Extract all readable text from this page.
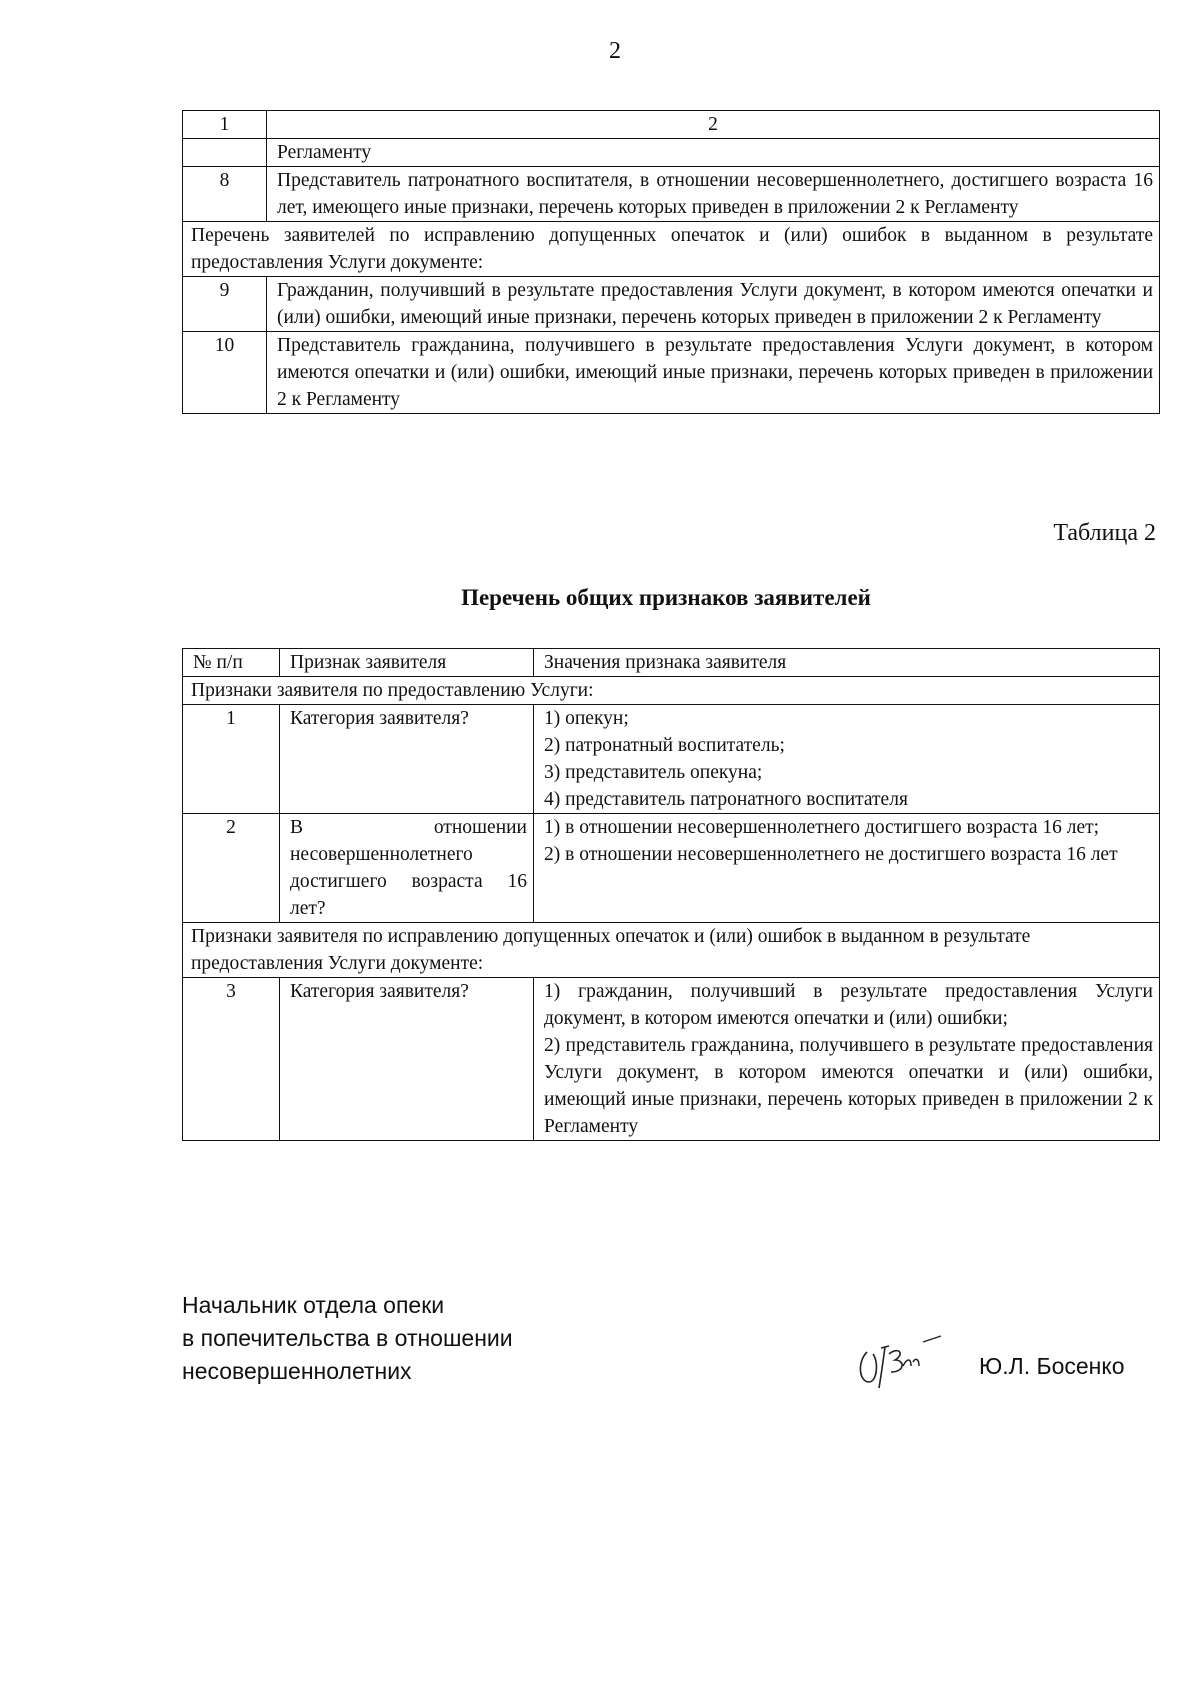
2
1	2
	Регламенту
8	Представитель патронатного воспитателя, в отношении несовершеннолетнего, достигшего возраста 16 лет, имеющего иные признаки, перечень которых приведен в приложении 2 к Регламенту
Перечень заявителей по исправлению допущенных опечаток и (или) ошибок в выданном в результате предоставления Услуги документе:	
9	Гражданин, получивший в результате предоставления Услуги документ, в котором имеются опечатки и (или) ошибки, имеющий иные признаки, перечень которых приведен в приложении 2 к Регламенту
10	Представитель гражданина, получившего в результате предоставления Услуги документ, в котором имеются опечатки и (или) ошибки, имеющий иные признаки, перечень которых приведен в приложении 2 к Регламенту
Таблица 2
Перечень общих признаков заявителей
№ п/п	Признак заявителя	Значения признака заявителя
Признаки заявителя по предоставлению Услуги:		
1	Категория заявителя?	1) опекун;
2) патронатный воспитатель;
3) представитель опекуна;
4) представитель патронатного воспитателя

2	В отношении несовершеннолетнего достигшего возраста 16 лет?	1) в отношении несовершеннолетнего достигшего возраста 16 лет;
2) в отношении несовершеннолетнего не достигшего возраста 16 лет

Признаки заявителя по исправлению допущенных опечаток и (или) ошибок в выданном в результате предоставления Услуги документе:		
3	Категория заявителя?	1) гражданин, получивший в результате предоставления Услуги документ, в котором имеются опечатки и (или) ошибки;
2) представитель гражданина, получившего в результате предоставления Услуги документ, в котором имеются опечатки и (или) ошибки, имеющий иные признаки, перечень которых приведен в приложении 2 к Регламенту
Начальник отдела опеки
в попечительства в отношении
несовершеннолетних	Ю.Л. Босенко
